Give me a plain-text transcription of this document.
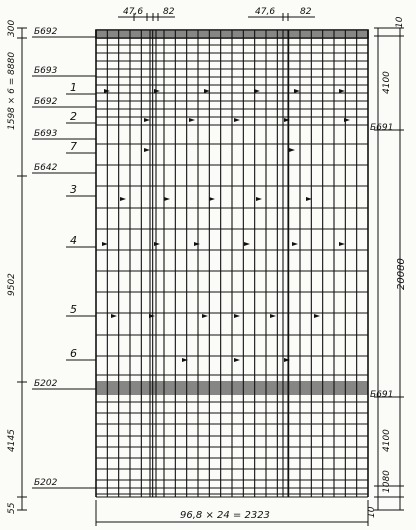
47,6 82	47,6	82
300
1598 × 6 = 8880
9502
4145
55
10
4100
20080
4100
1080
10
96,8 × 24 = 2323
Б692
Б693
Б692
Б693
Б642
Б202
Б202
Б691
Б691
1
2
7
3
4
5
6
